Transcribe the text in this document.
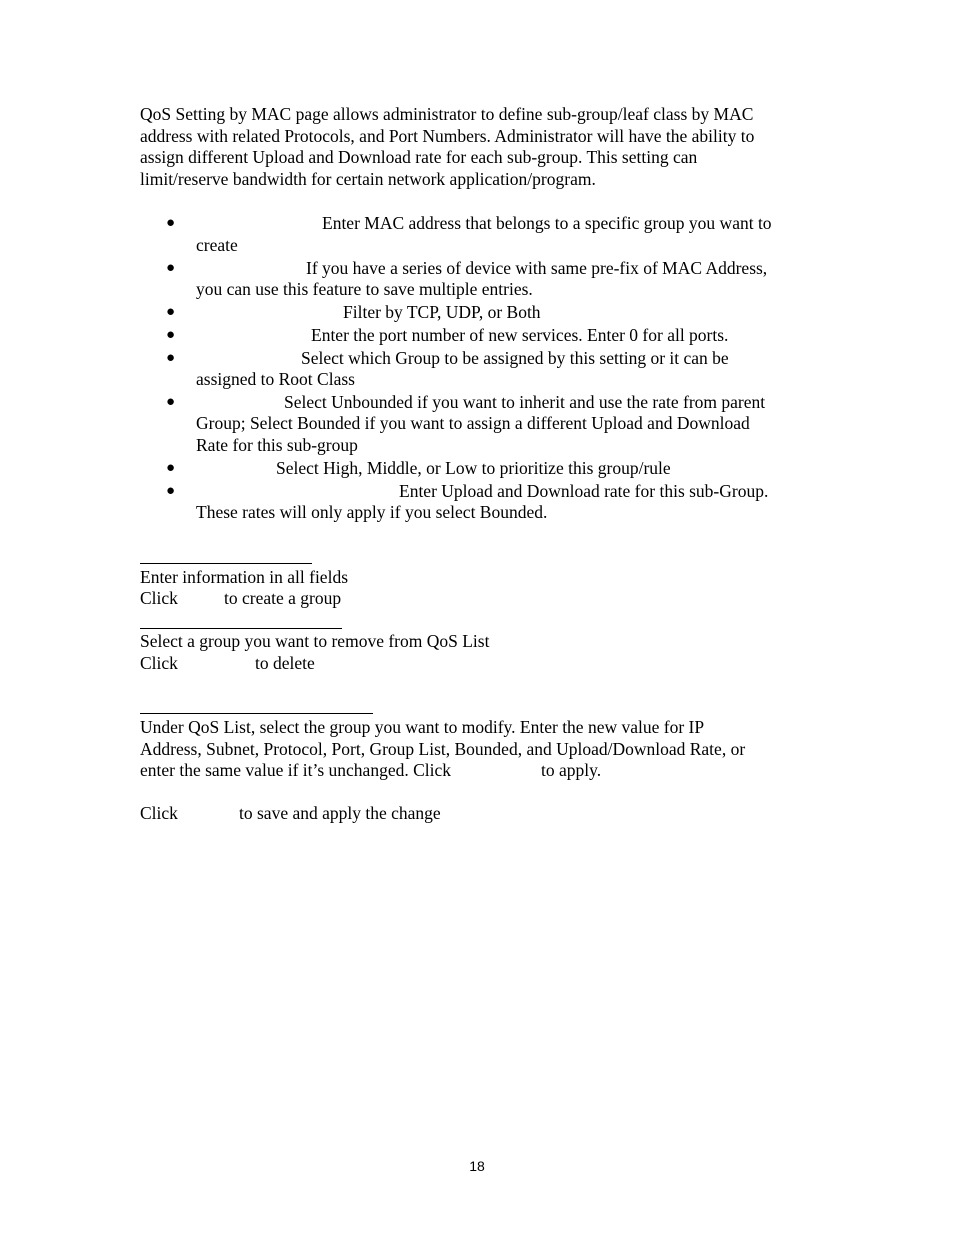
QoS Setting by MAC page allows administrator to define sub-group/leaf class by MAC
address with related Protocols, and Port Numbers. Administrator will have the ability to
assign different Upload and Download rate for each sub-group. This setting can
limit/reserve bandwidth for certain network application/program.
●	Enter MAC address that belongs to a specific group you want to
create
●	If you have a series of device with same pre-fix of MAC Address,
you can use this feature to save multiple entries.
●	Filter by TCP, UDP, or Both
●	Enter the port number of new services. Enter 0 for all ports.
●	Select which Group to be assigned by this setting or it can be
assigned to Root Class
●	Select Unbounded if you want to inherit and use the rate from parent
Group; Select Bounded if you want to assign a different Upload and Download
Rate for this sub-group
●	Select High, Middle, or Low to prioritize this group/rule
●	Enter Upload and Download rate for this sub-Group.
These rates will only apply if you select Bounded.
Enter information in all fields
Click	to create a group
Select a group you want to remove from QoS List
Click	to delete
Under QoS List, select the group you want to modify. Enter the new value for IP
Address, Subnet, Protocol, Port, Group List, Bounded, and Upload/Download Rate, or
enter the same value if it’s unchanged. Click	to apply.
Click	to save and apply the change
18
